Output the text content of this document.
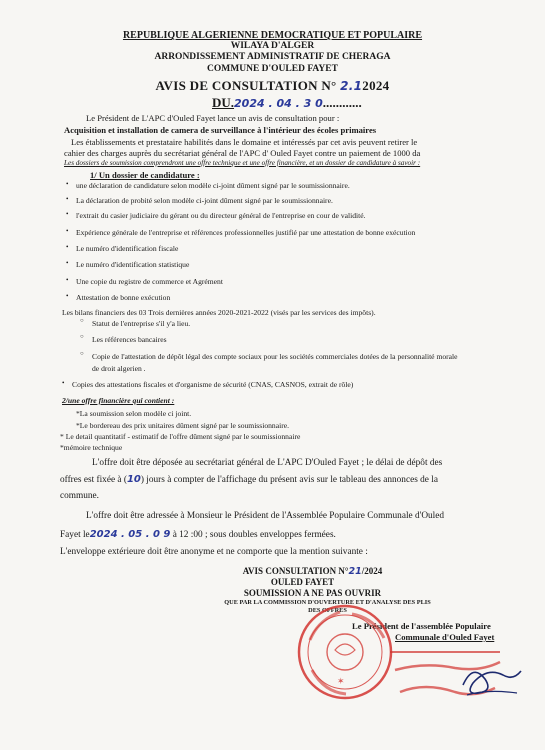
REPUBLIQUE ALGERIENNE DEMOCRATIQUE ET POPULAIRE
WILAYA D'ALGER
ARRONDISSEMENT ADMINISTRATIF DE CHERAGA
COMMUNE D'OULED FAYET
AVIS DE CONSULTATION N° 2.12024
DU.2024 . 04 . 3 0............
Le Président de L'APC d'Ouled Fayet lance un avis de consultation pour :
Acquisition et installation de camera de surveillance à l'intérieur des écoles primaires
Les établissements et prestataire habilités dans le domaine et intéressés par cet avis peuvent retirer le
cahier des charges auprès du secrétariat général de l'APC d' Ouled Fayet contre un paiement de 1000 da
Les dossiers de soumission comprendront une offre technique et une offre financière, et un dossier de candidature à savoir :
1/ Un dossier de candidature :
• une déclaration de candidature selon modèle ci-joint dûment signé par le soumissionnaire.
• La déclaration de probité selon modèle ci-joint dûment signé par le soumissionnaire.
• l'extrait du casier judiciaire du gérant ou du directeur général de l'entreprise en cour de validité.
• Expérience générale de l'entreprise et références professionnelles justifié par une attestation de bonne exécution
• Le numéro d'identification fiscale
• Le numéro d'identification statistique
• Une copie du registre de commerce et Agrément
• Attestation de bonne exécution
Les bilans financiers des 03 Trois dernières années 2020-2021-2022 (visés par les services des impôts).
○ Statut de l'entreprise s'il y'a lieu.
○ Les références bancaires
○ Copie de l'attestation de dépôt légal des compte sociaux pour les sociétés commerciales dotées de la personnalité morale
de droit algerien .
• Copies des attestations fiscales et d'organisme de sécurité (CNAS, CASNOS, extrait de rôle)
2/une offre financière qui contient :
*La soumission selon modèle ci joint.
*Le bordereau des prix unitaires dûment signé par le soumissionnaire.
* Le detail quantitatif - estimatif de l'offre dûment signé par le soumissionnaire
*mémoire technique
L'offre doit être déposée au secrétariat général de L'APC D'Ouled Fayet ; le délai de dépôt des
offres est fixée à (10) jours à compter de l'affichage du présent avis sur le tableau des annonces de la
commune.
L'offre doit être adressée à Monsieur le Président de l'Assemblée Populaire Communale d'Ouled
Fayet le2024 . 05 . 0 9 à 12 :00 ; sous doubles enveloppes fermées.
L'enveloppe extérieure doit être anonyme et ne comporte que la mention suivante :
AVIS CONSULTATION N°21/2024
OULED FAYET
SOUMISSION A NE PAS OUVRIR
QUE PAR LA COMMISSION D'OUVERTURE ET D'ANALYSE DES PLIS
DES OFFRES
Le Président de l'assemblée Populaire
Communale d'Ouled Fayet
✶
